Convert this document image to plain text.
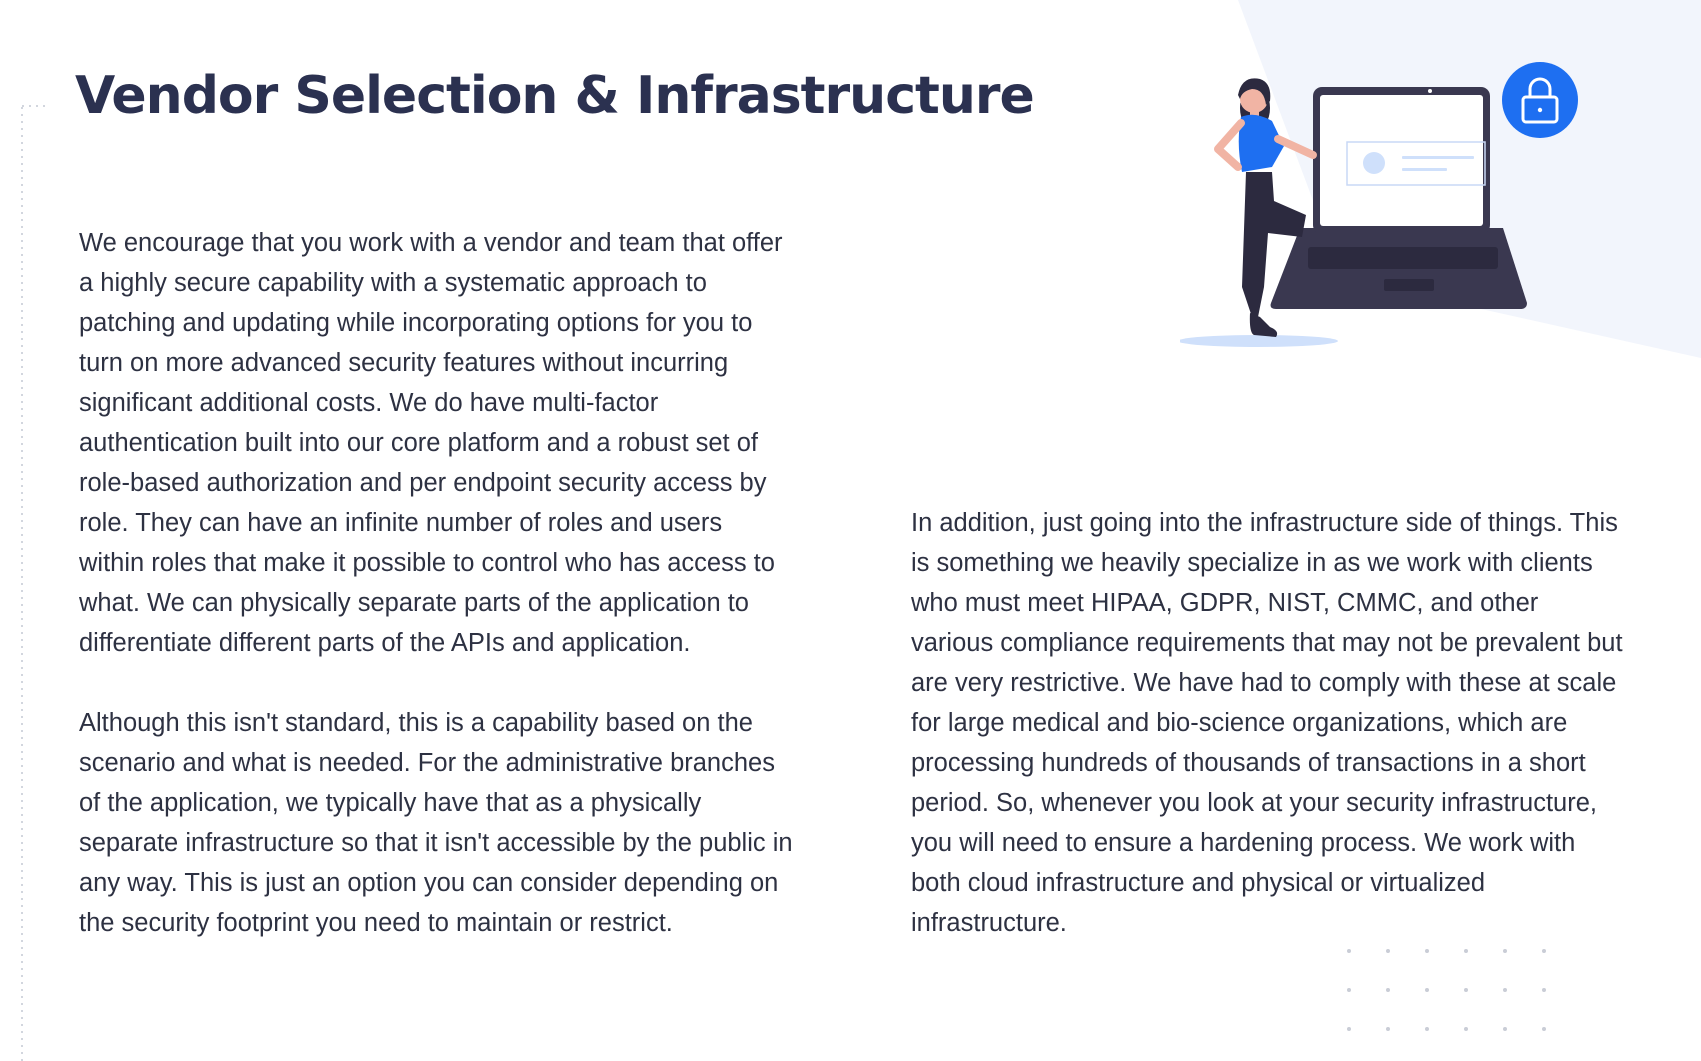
Vendor Selection & Infrastructure

We encourage that you work with a vendor and team that offer
a highly secure capability with a systematic approach to
patching and updating while incorporating options for you to
turn on more advanced security features without incurring
significant additional costs. We do have multi-factor
authentication built into our core platform and a robust set of
role-based authorization and per endpoint security access by
role. They can have an infinite number of roles and users
within roles that make it possible to control who has access to
what. We can physically separate parts of the application to
differentiate different parts of the APIs and application.

Although this isn't standard, this is a capability based on the
scenario and what is needed. For the administrative branches
of the application, we typically have that as a physically
separate infrastructure so that it isn't accessible by the public in
any way. This is just an option you can consider depending on
the security footprint you need to maintain or restrict.

In addition, just going into the infrastructure side of things. This
is something we heavily specialize in as we work with clients
who must meet HIPAA, GDPR, NIST, CMMC, and other
various compliance requirements that may not be prevalent but
are very restrictive. We have had to comply with these at scale
for large medical and bio-science organizations, which are
processing hundreds of thousands of transactions in a short
period. So, whenever you look at your security infrastructure,
you will need to ensure a hardening process. We work with
both cloud infrastructure and physical or virtualized
infrastructure.
